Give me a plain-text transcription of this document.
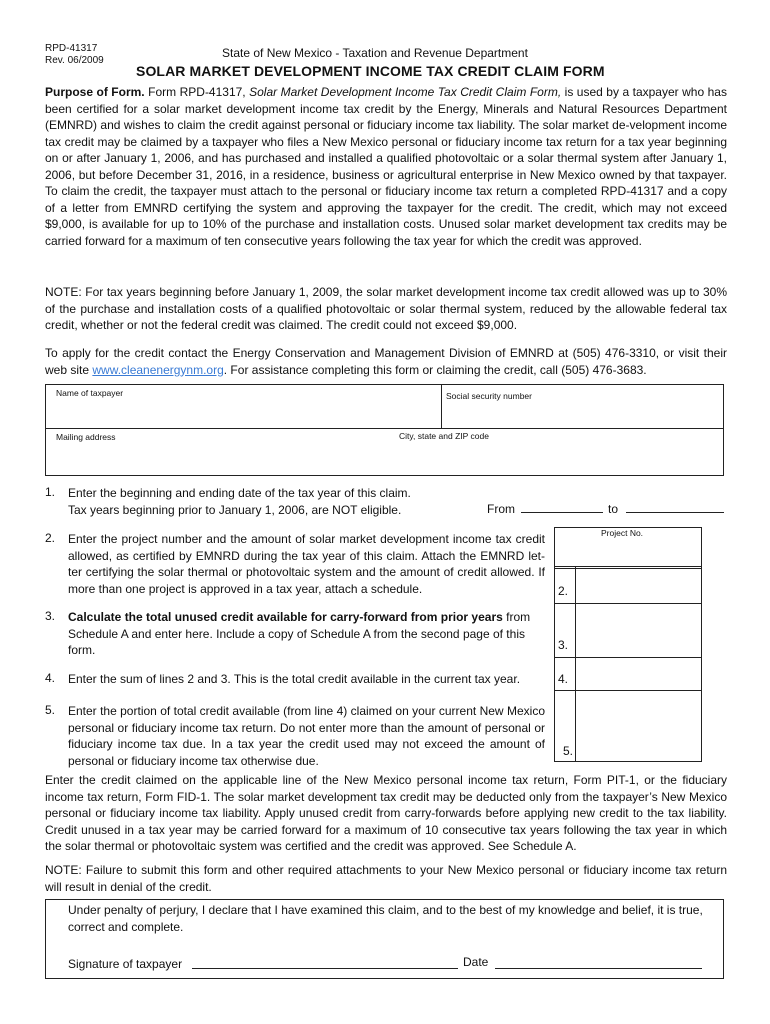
RPD-41317
Rev. 06/2009
State of New Mexico - Taxation and Revenue Department
SOLAR MARKET DEVELOPMENT INCOME TAX CREDIT CLAIM FORM
Purpose of Form. Form RPD-41317, Solar Market Development Income Tax Credit Claim Form, is used by a taxpayer who has been certified for a solar market development income tax credit by the Energy, Minerals and Natural Resources Department (EMNRD) and wishes to claim the credit against personal or fiduciary income tax liability. The solar market de-velopment income tax credit may be claimed by a taxpayer who files a New Mexico personal or fiduciary income tax return for a tax year beginning on or after January 1, 2006, and has purchased and installed a qualified photovoltaic or a solar thermal system after January 1, 2006, but before December 31, 2016, in a residence, business or agricultural enterprise in New Mexico owned by that taxpayer. To claim the credit, the taxpayer must attach to the personal or fiduciary income tax return a completed RPD-41317 and a copy of a letter from EMNRD certifying the system and approving the taxpayer for the credit. The credit, which may not exceed $9,000, is available for up to 10% of the purchase and installation costs. Unused solar market development tax credits may be carried forward for a maximum of ten consecutive years following the tax year for which the credit was approved.
NOTE: For tax years beginning before January 1, 2009, the solar market development income tax credit allowed was up to 30% of the purchase and installation costs of a qualified photovoltaic or solar thermal system, reduced by the allowable federal tax credit, whether or not the federal credit was claimed. The credit could not exceed $9,000.
To apply for the credit contact the Energy Conservation and Management Division of EMNRD at (505) 476-3310, or visit their web site www.cleanenergynm.org. For assistance completing this form or claiming the credit, call (505) 476-3683.
Name of taxpayer	Social security number
Mailing address	City, state and ZIP code
1. Enter the beginning and ending date of the tax year of this claim.
Tax years beginning prior to January 1, 2006, are NOT eligible.	From	to
Project No.
2. Enter the project number and the amount of solar market development income tax credit allowed, as certified by EMNRD during the tax year of this claim. Attach the EMNRD let-ter certifying the solar thermal or photovoltaic system and the amount of credit allowed. If more than one project is approved in a tax year, attach a schedule.	2.
3.
4.
5.
3. Calculate the total unused credit available for carry-forward from prior years from Schedule A and enter here. Include a copy of Schedule A from the second page of this form.
4. Enter the sum of lines 2 and 3. This is the total credit available in the current tax year.
5. Enter the portion of total credit available (from line 4) claimed on your current New Mexico personal or fiduciary income tax return. Do not enter more than the amount of personal or fiduciary income tax due. In a tax year the credit used may not exceed the amount of personal or fiduciary income tax otherwise due.
Enter the credit claimed on the applicable line of the New Mexico personal income tax return, Form PIT-1, or the fiduciary income tax return, Form FID-1. The solar market development tax credit may be deducted only from the taxpayer’s New Mexico personal or fiduciary income tax liability. Apply unused credit from carry-forwards before applying new credit to the tax liability. Credit unused in a tax year may be carried forward for a maximum of 10 consecutive tax years following the tax year in which the solar thermal or photovoltaic system was certified and the credit was approved. See Schedule A.
NOTE: Failure to submit this form and other required attachments to your New Mexico personal or fiduciary income tax return will result in denial of the credit.
Under penalty of perjury, I declare that I have examined this claim, and to the best of my knowledge and belief, it is true, correct and complete.
Signature of taxpayer	Date
